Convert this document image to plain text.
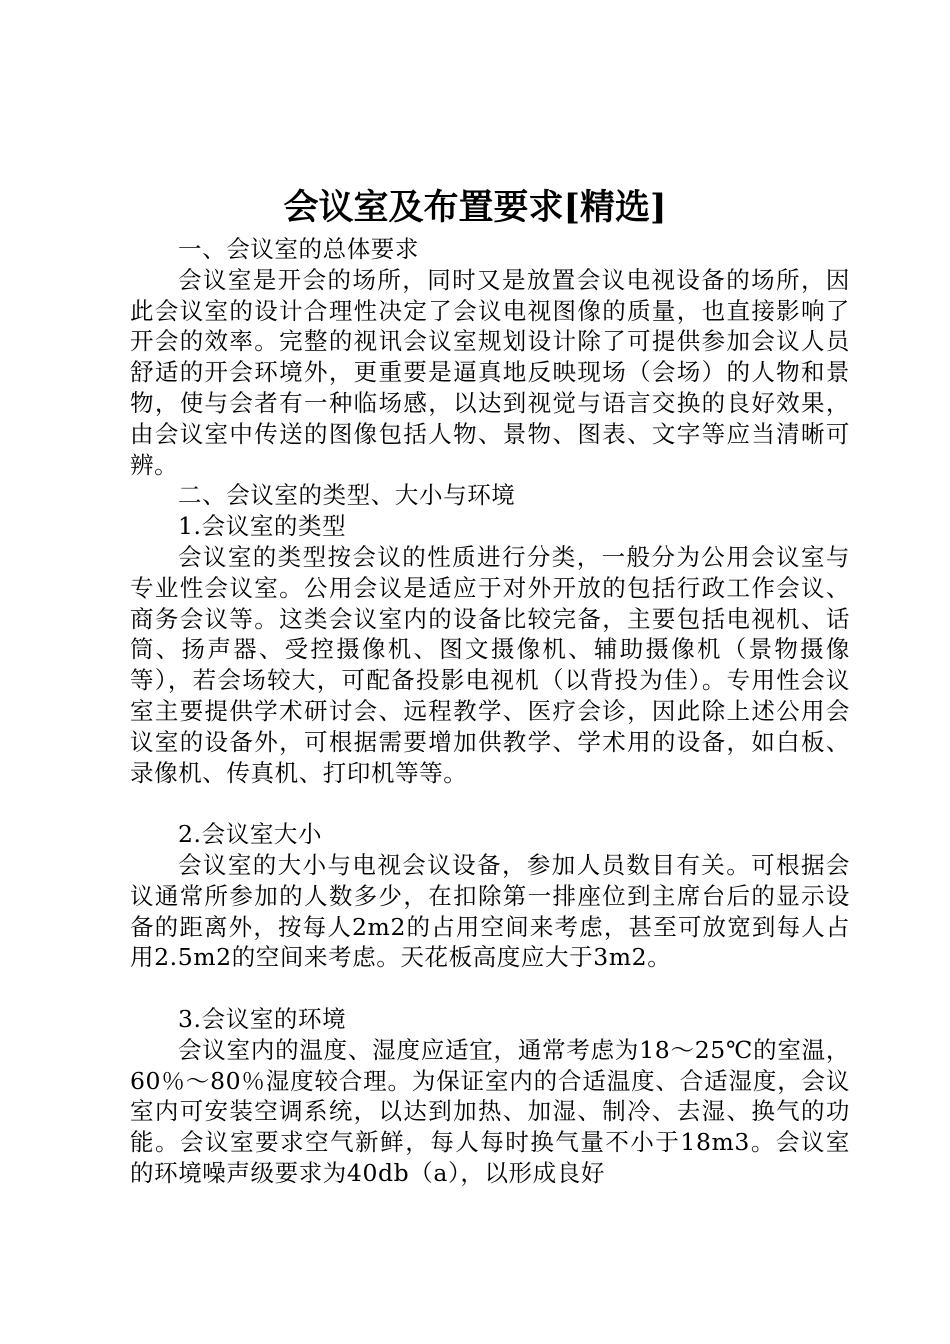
会议室及布置要求[精选]

一、会议室的总体要求

会议室是开会的场所，同时又是放置会议电视设备的场所，因此会议室的设计合理性决定了会议电视图像的质量，也直接影响了开会的效率。完整的视讯会议室规划设计除了可提供参加会议人员舒适的开会环境外，更重要是逼真地反映现场（会场）的人物和景物，使与会者有一种临场感，以达到视觉与语言交换的良好效果，由会议室中传送的图像包括人物、景物、图表、文字等应当清晰可辨。

二、会议室的类型、大小与环境

1.会议室的类型

会议室的类型按会议的性质进行分类，一般分为公用会议室与专业性会议室。公用会议是适应于对外开放的包括行政工作会议、商务会议等。这类会议室内的设备比较完备，主要包括电视机、话筒、扬声器、受控摄像机、图文摄像机、辅助摄像机（景物摄像等），若会场较大，可配备投影电视机（以背投为佳）。专用性会议室主要提供学术研讨会、远程教学、医疗会诊，因此除上述公用会议室的设备外，可根据需要增加供教学、学术用的设备，如白板、录像机、传真机、打印机等等。

2.会议室大小

会议室的大小与电视会议设备，参加人员数目有关。可根据会议通常所参加的人数多少，在扣除第一排座位到主席台后的显示设备的距离外，按每人2m2的占用空间来考虑，甚至可放宽到每人占用2.5m2的空间来考虑。天花板高度应大于3m2。

3.会议室的环境

会议室内的温度、湿度应适宜，通常考虑为18～25℃的室温，60％～80％湿度较合理。为保证室内的合适温度、合适湿度，会议室内可安装空调系统，以达到加热、加湿、制冷、去湿、换气的功能。会议室要求空气新鲜，每人每时换气量不小于18m3。会议室的环境噪声级要求为40db（a），以形成良好
